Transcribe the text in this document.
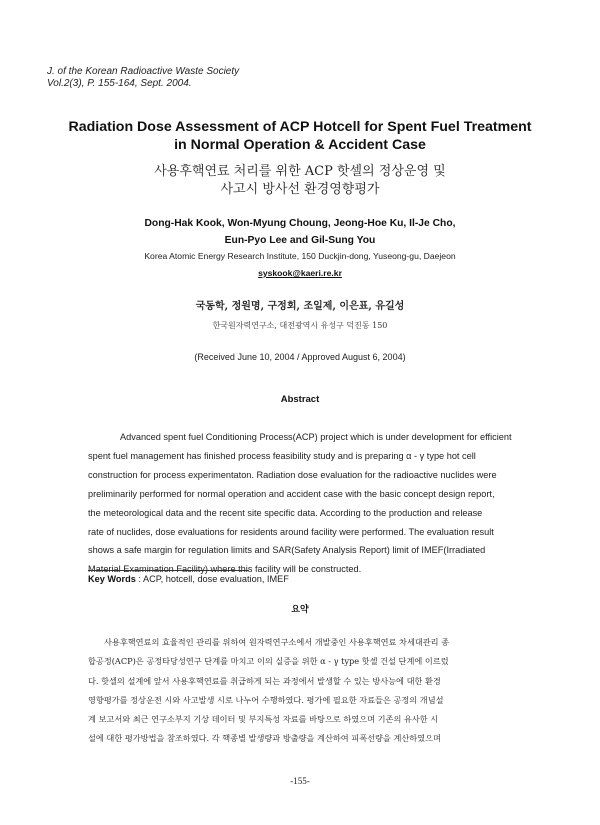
J. of the Korean Radioactive Waste Society
Vol.2(3), P. 155-164, Sept. 2004.
Radiation Dose Assessment of ACP Hotcell for Spent Fuel Treatment
in Normal Operation & Accident Case
사용후핵연료 처리를 위한 ACP 핫셀의 정상운영 및
사고시 방사선 환경영향평가
Dong-Hak Kook, Won-Myung Choung, Jeong-Hoe Ku, Il-Je Cho,
Eun-Pyo Lee and Gil-Sung You
Korea Atomic Energy Research Institute, 150 Duckjin-dong, Yuseong-gu, Daejeon
syskook@kaeri.re.kr
국동학, 정원명, 구정회, 조일제, 이은표, 유길성
한국원자력연구소, 대전광역시 유성구 덕진동 150
(Received June 10, 2004 / Approved August 6, 2004)
Abstract
Advanced spent fuel Conditioning Process(ACP) project which is under development for efficient
spent fuel management has finished process feasibility study and is preparing α - γ type hot cell
construction for process experimentaton. Radiation dose evaluation for the radioactive nuclides were
preliminarily performed for normal operation and accident case with the basic concept design report,
the meteorological data and the recent site specific data. According to the production and release
rate of nuclides, dose evaluations for residents around facility were performed. The evaluation result
shows a safe margin for regulation limits and SAR(Safety Analysis Report) limit of IMEF(Irradiated
Material Examination Facility) where this facility will be constructed.
Key Words : ACP, hotcell, dose evaluation, IMEF
요약
사용후핵연료의 효율적인 관리를 위하여 원자력연구소에서 개발중인 사용후핵연료 차세대관리 종
합공정(ACP)은 공정타당성연구 단계를 마치고 이의 실증을 위한 α - γ type 핫셀 건설 단계에 이르렀
다. 핫셀의 설계에 앞서 사용후핵연료를 취급하게 되는 과정에서 발생할 수 있는 방사능에 대한 환경
영향평가를 정상운전 시와 사고발생 시로 나누어 수행하였다. 평가에 필요한 자료들은 공정의 개념설
계 보고서와 최근 연구소부지 기상 데이터 및 부지특성 자료를 바탕으로 하였으며 기존의 유사한 시
설에 대한 평가방법을 참조하였다. 각 핵종별 발생량과 방출량을 계산하여 피폭선량을 계산하였으며
-155-
